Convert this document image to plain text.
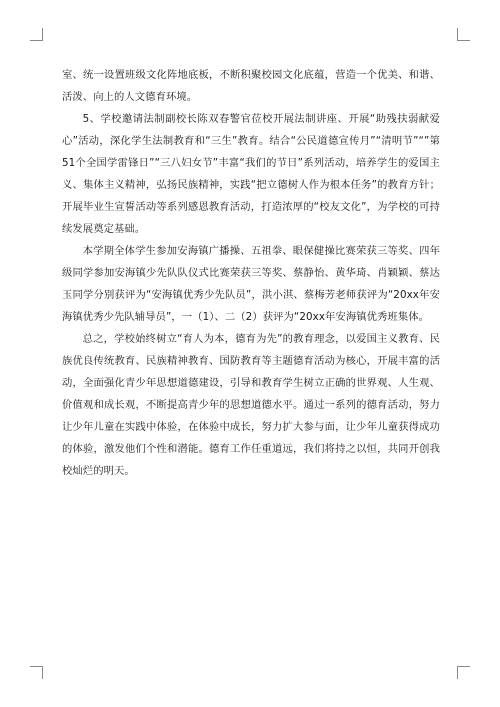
室、统一设置班级文化阵地底板，不断积聚校园文化底蕴，营造一个优美、和谐、活泼、向上的人文德育环境。

5、学校邀请法制副校长陈双春警官莅校开展法制讲座、开展“助残扶弱献爱心”活动，深化学生法制教育和“三生”教育。结合“公民道德宣传月”“清明节”“”第51个全国学雷锋日”“三八妇女节”丰富“我们的节日”系列活动，培养学生的爱国主义、集体主义精神，弘扬民族精神，实践“把立德树人作为根本任务”的教育方针；开展毕业生宣誓活动等系列感恩教育活动，打造浓厚的“校友文化”，为学校的可持续发展奠定基础。

本学期全体学生参加安海镇广播操、五祖拳、眼保健操比赛荣获三等奖、四年级同学参加安海镇少先队队仪式比赛荣获三等奖、蔡静怡、黄华琦、肖颖颖、蔡达玉同学分别获评为“安海镇优秀少先队员”，洪小淇、蔡梅芳老师获评为“20xx年安海镇优秀少先队辅导员”，一（1）、二（2）获评为“20xx年安海镇优秀班集体。

总之，学校始终树立“育人为本，德育为先”的教育理念，以爱国主义教育、民族优良传统教育、民族精神教育、国防教育等主题德育活动为核心，开展丰富的活动，全面强化青少年思想道德建设，引导和教育学生树立正确的世界观、人生观、价值观和成长观，不断提高青少年的思想道德水平。通过一系列的德育活动，努力让少年儿童在实践中体验，在体验中成长，努力扩大参与面，让少年儿童获得成功的体验，激发他们个性和潜能。德育工作任重道远，我们将持之以恒，共同开创我校灿烂的明天。
